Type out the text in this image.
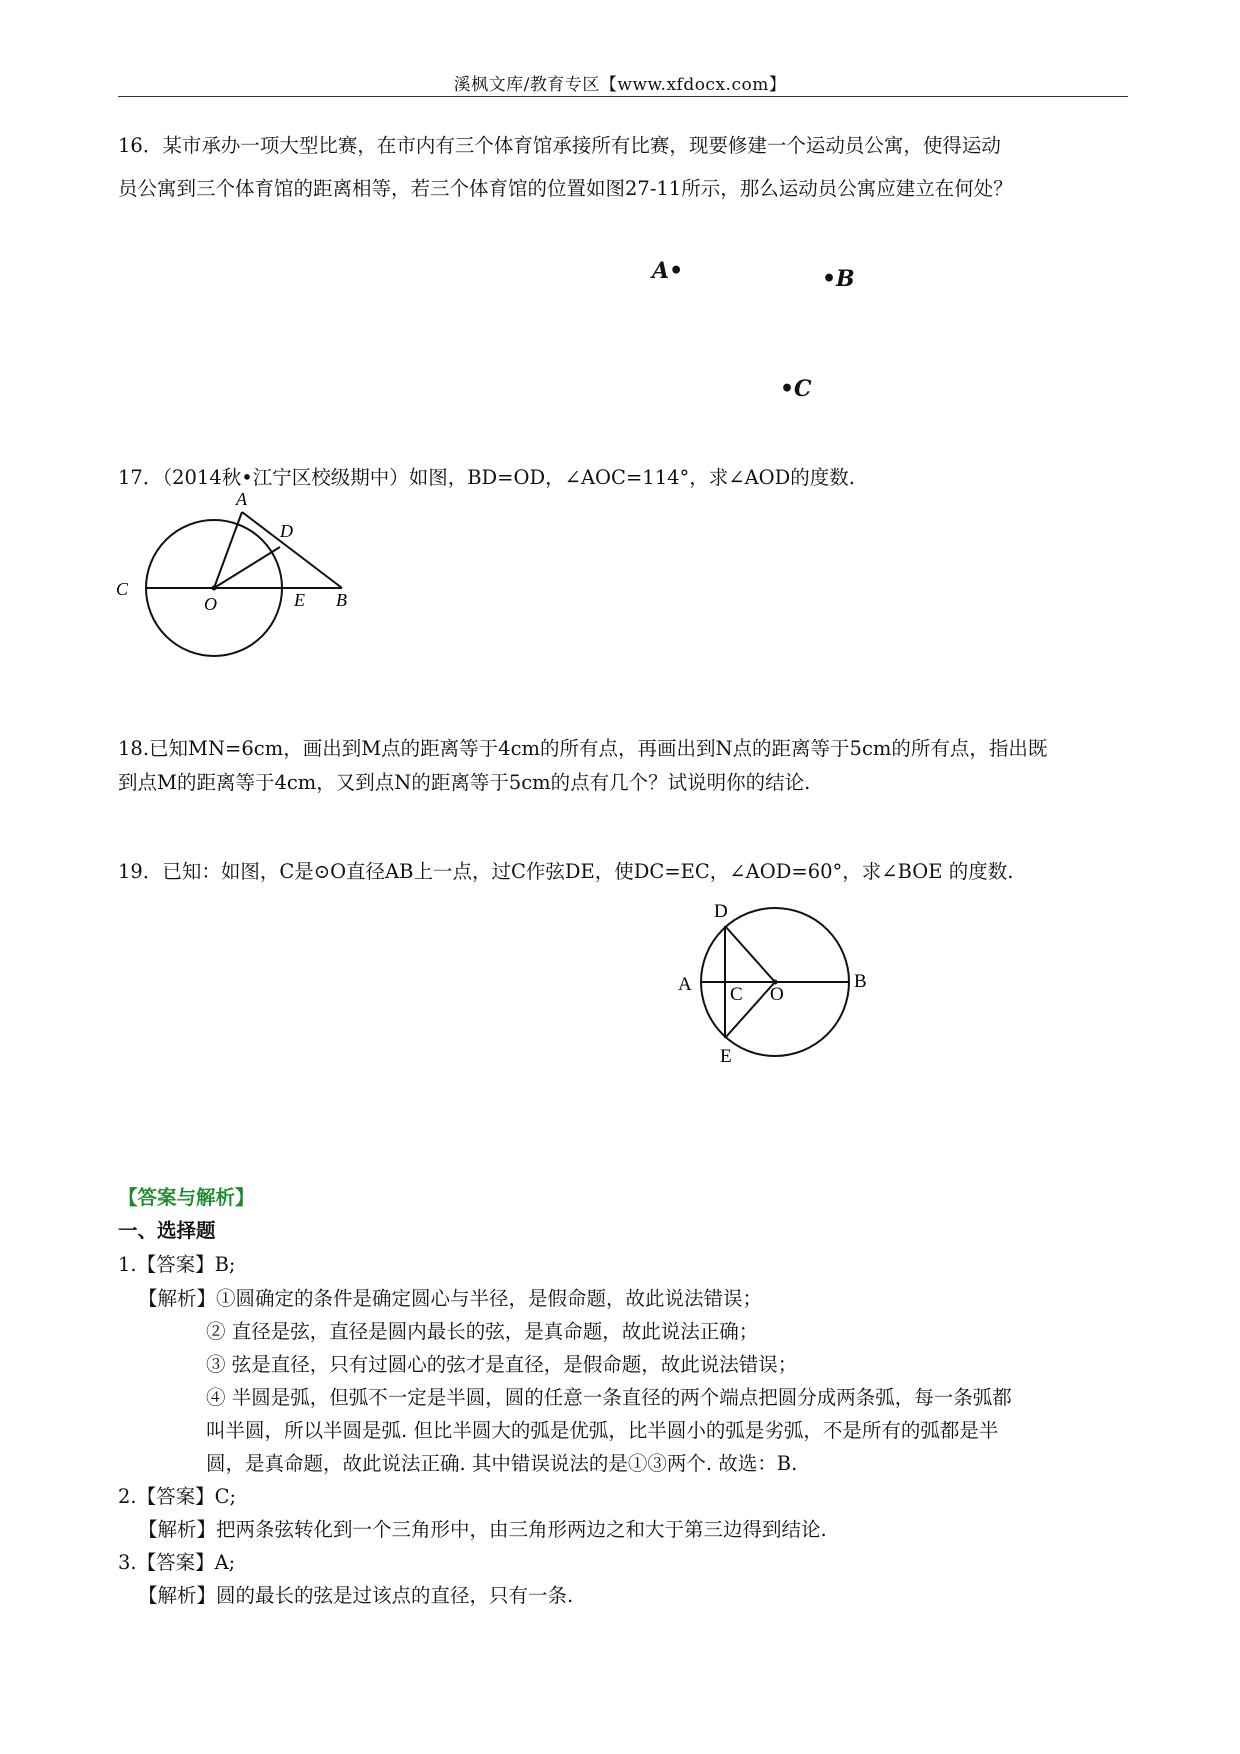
溪枫文库/教育专区【www.xfdocx.com】
16．某市承办一项大型比赛，在市内有三个体育馆承接所有比赛，现要修建一个运动员公寓，使得运动
员公寓到三个体育馆的距离相等，若三个体育馆的位置如图27-11所示，那么运动员公寓应建立在何处？
A•	•B
•C
17．（2014秋•江宁区校级期中）如图，BD=OD，∠AOC=114°，求∠AOD的度数.
A
D
C
O	E B
18.已知MN=6cm，画出到M点的距离等于4cm的所有点，再画出到N点的距离等于5cm的所有点，指出既
到点M的距离等于4cm，又到点N的距离等于5cm的点有几个？试说明你的结论.
19．已知：如图，C是⊙O直径AB上一点，过C作弦DE，使DC=EC，∠AOD=60°，求∠BOE 的度数.
D
A C O
B
E
【答案与解析】
一、选择题
1.【答案】B;
【解析】①圆确定的条件是确定圆心与半径，是假命题，故此说法错误；
② 直径是弦，直径是圆内最长的弦，是真命题，故此说法正确；
③ 弦是直径，只有过圆心的弦才是直径，是假命题，故此说法错误；
④ 半圆是弧，但弧不一定是半圆，圆的任意一条直径的两个端点把圆分成两条弧，每一条弧都
叫半圆，所以半圆是弧. 但比半圆大的弧是优弧，比半圆小的弧是劣弧，不是所有的弧都是半
圆，是真命题，故此说法正确. 其中错误说法的是①③两个. 故选：B.
2.【答案】C;
【解析】把两条弦转化到一个三角形中，由三角形两边之和大于第三边得到结论.
3.【答案】A;
【解析】圆的最长的弦是过该点的直径，只有一条.
